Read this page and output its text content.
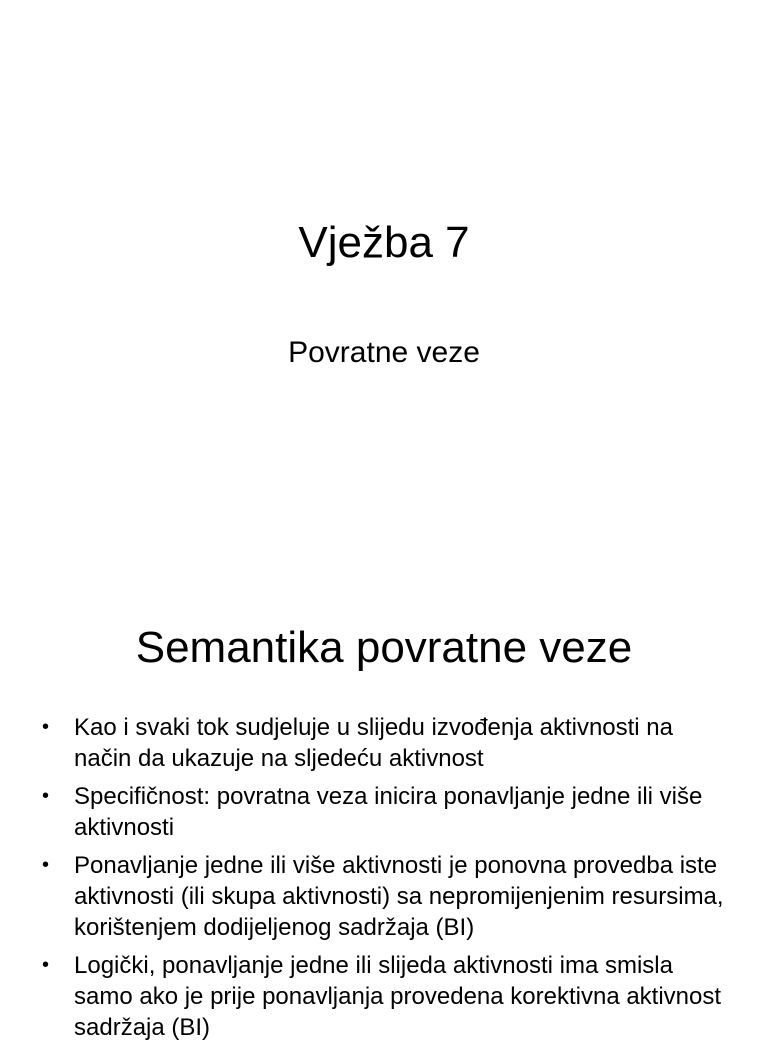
Vježba 7

Povratne veze

Semantika povratne veze
•	Kao i svaki tok sudjeluje u slijedu izvođenja aktivnosti na način da ukazuje na sljedeću aktivnost
•	Specifičnost: povratna veza inicira ponavljanje jedne ili više aktivnosti
•	Ponavljanje jedne ili više aktivnosti je ponovna provedba iste aktivnosti (ili skupa aktivnosti) sa nepromijenjenim resursima, korištenjem dodijeljenog sadržaja (BI)
•	Logički, ponavljanje jedne ili slijeda aktivnosti ima smisla samo ako je prije ponavljanja provedena korektivna aktivnost sadržaja (BI)
